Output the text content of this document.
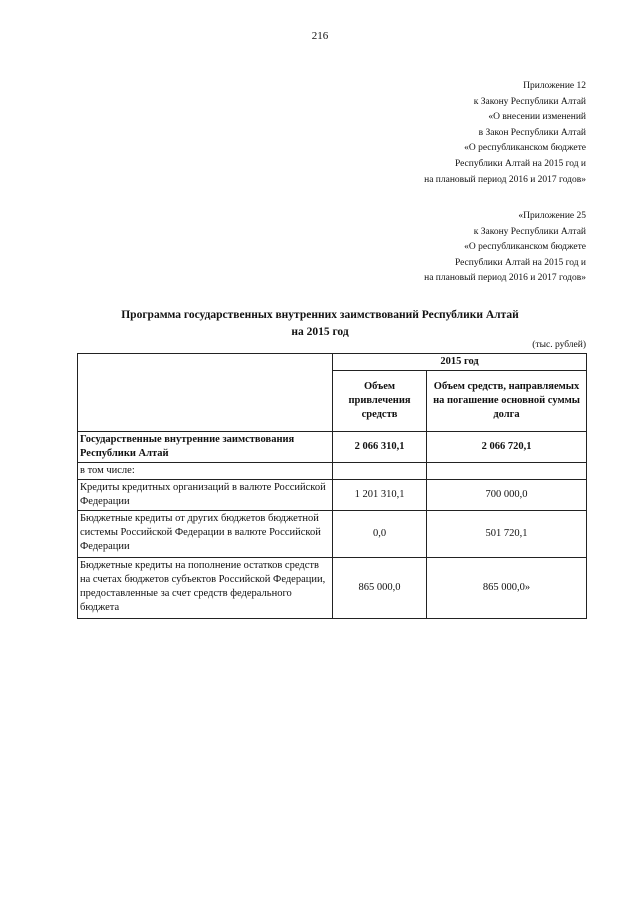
216
Приложение 12
к Закону Республики Алтай
«О внесении изменений
в Закон Республики Алтай
«О республиканском бюджете
Республики Алтай на 2015 год и
на плановый период 2016 и 2017 годов»
«Приложение 25
к Закону Республики Алтай
«О республиканском бюджете
Республики Алтай на 2015 год и
на плановый период 2016 и 2017 годов»
Программа государственных внутренних заимствований Республики Алтай
на 2015 год
(тыс. рублей)
	2015 год	
	Объем привлечения средств	Объем средств, направляемых на погашение основной суммы долга
Государственные внутренние заимствования Республики Алтай	2 066 310,1	2 066 720,1
в том числе:		
Кредиты кредитных организаций в валюте Российской Федерации	1 201 310,1	700 000,0
Бюджетные кредиты от других бюджетов бюджетной системы Российской Федерации в валюте Российской Федерации	0,0	501 720,1
Бюджетные кредиты на пополнение остатков средств на счетах бюджетов субъектов Российской Федерации, предоставленные за счет средств федерального бюджета	865 000,0	865 000,0»
